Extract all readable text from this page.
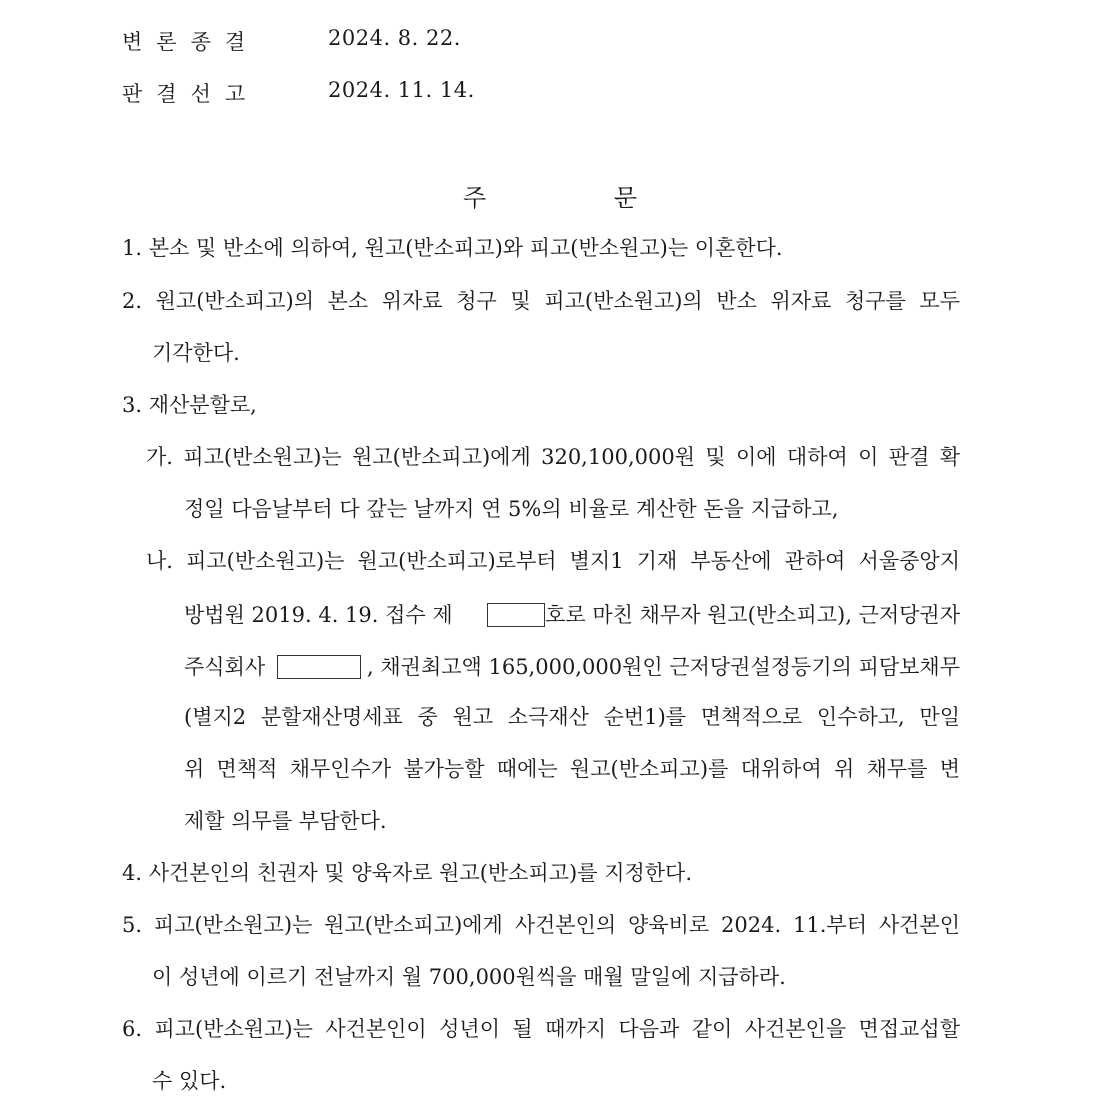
변론종결	2024. 8. 22.
판결선고	2024. 11. 14.
주 문
1. 본소 및 반소에 의하여, 원고(반소피고)와 피고(반소원고)는 이혼한다.
2. 원고(반소피고)의 본소 위자료 청구 및 피고(반소원고)의 반소 위자료 청구를 모두
기각한다.
3. 재산분할로,
가. 피고(반소원고)는 원고(반소피고)에게 320,100,000원 및 이에 대하여 이 판결 확
정일 다음날부터 다 갚는 날까지 연 5%의 비율로 계산한 돈을 지급하고,
나. 피고(반소원고)는 원고(반소피고)로부터 별지1 기재 부동산에 관하여 서울중앙지
방법원 2019. 4. 19. 접수 제	호로 마친 채무자 원고(반소피고), 근저당권자
주식회사	, 채권최고액 165,000,000원인 근저당권설정등기의 피담보채무
(별지2 분할재산명세표 중 원고 소극재산 순번1)를 면책적으로 인수하고, 만일
위 면책적 채무인수가 불가능할 때에는 원고(반소피고)를 대위하여 위 채무를 변
제할 의무를 부담한다.
4. 사건본인의 친권자 및 양육자로 원고(반소피고)를 지정한다.
5. 피고(반소원고)는 원고(반소피고)에게 사건본인의 양육비로 2024. 11.부터 사건본인
이 성년에 이르기 전날까지 월 700,000원씩을 매월 말일에 지급하라.
6. 피고(반소원고)는 사건본인이 성년이 될 때까지 다음과 같이 사건본인을 면접교섭할
수 있다.
